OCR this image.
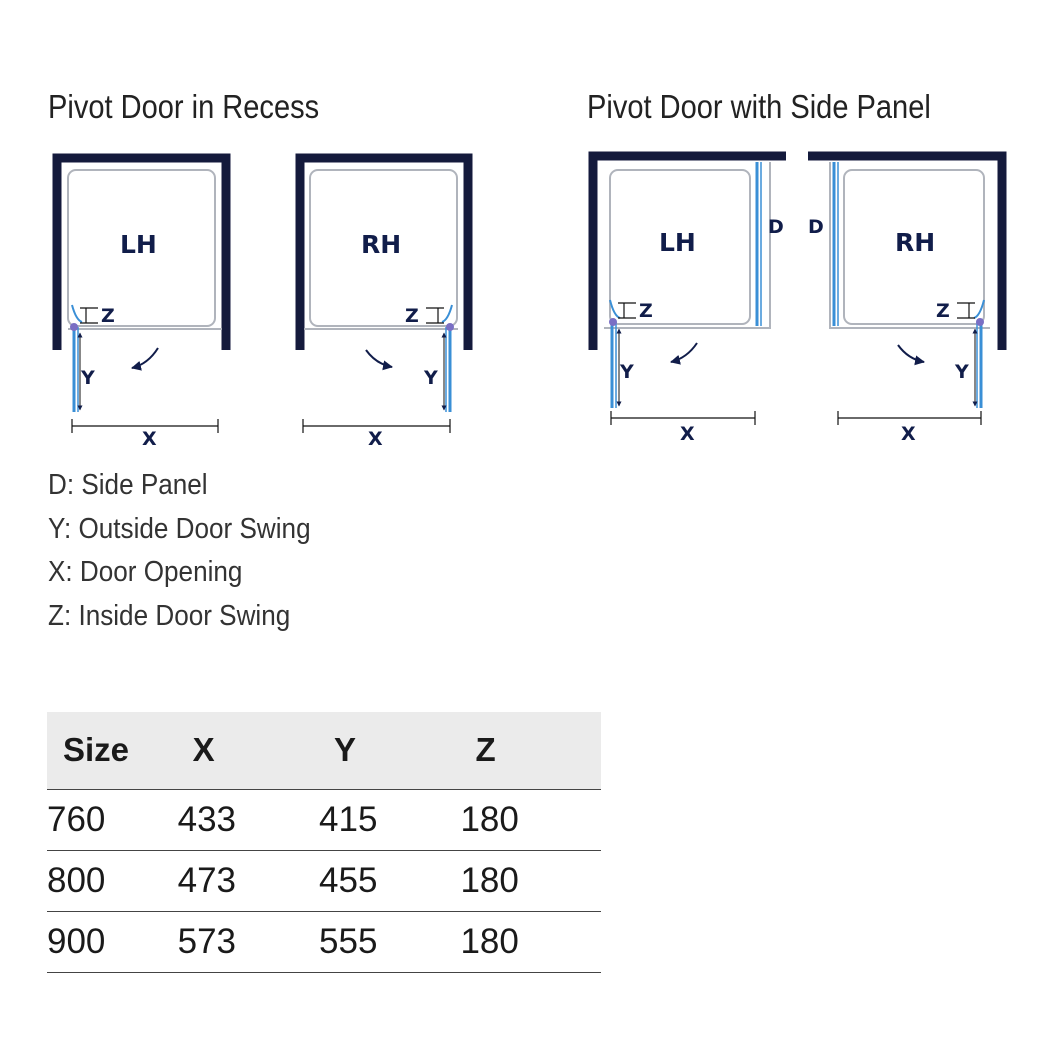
Pivot Door in Recess	Pivot Door with Side Panel
Z
Y
X
LH
Z
Y
X
RH
D
Z
Y
X
LH
D
Z
Y
X
RH
D: Side Panel
Y: Outside Door Swing
X: Door Opening
Z: Inside Door Swing
Size	X	Y	Z
760	433	415	180
800	473	455	180
900	573	555	180
